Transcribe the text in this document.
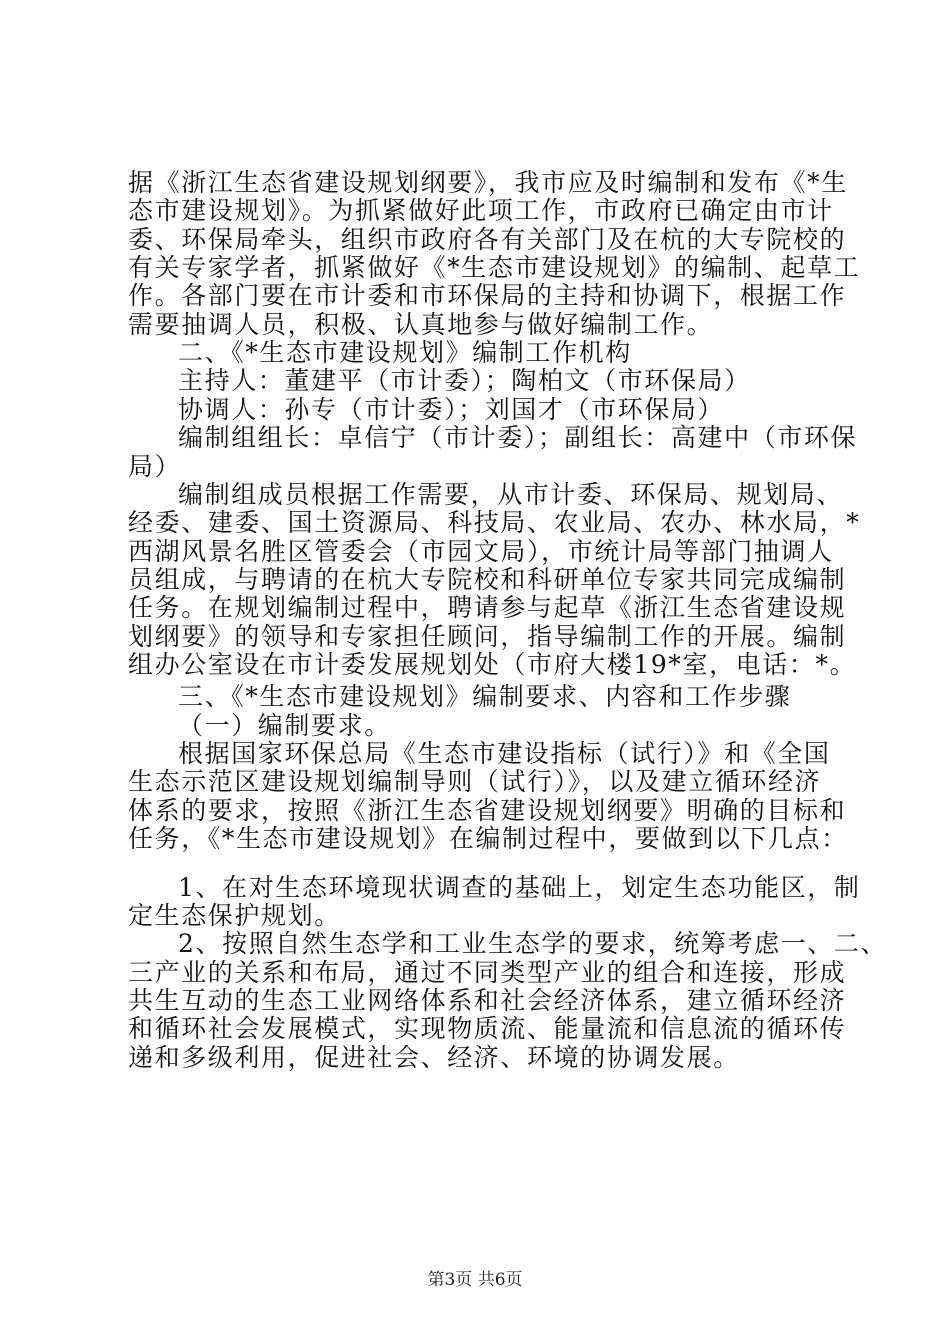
据《浙江生态省建设规划纲要》，我市应及时编制和发布《*生
态市建设规划》。为抓紧做好此项工作，市政府已确定由市计
委、环保局牵头，组织市政府各有关部门及在杭的大专院校的
有关专家学者，抓紧做好《*生态市建设规划》的编制、起草工
作。各部门要在市计委和市环保局的主持和协调下，根据工作
需要抽调人员，积极、认真地参与做好编制工作。
二、《*生态市建设规划》编制工作机构
主持人：董建平（市计委）；陶柏文（市环保局）
协调人：孙专（市计委）；刘国才（市环保局）
编制组组长：卓信宁（市计委）；副组长：高建中（市环保
局）
编制组成员根据工作需要，从市计委、环保局、规划局、
经委、建委、国土资源局、科技局、农业局、农办、林水局，*
西湖风景名胜区管委会（市园文局），市统计局等部门抽调人
员组成，与聘请的在杭大专院校和科研单位专家共同完成编制
任务。在规划编制过程中，聘请参与起草《浙江生态省建设规
划纲要》的领导和专家担任顾问，指导编制工作的开展。编制
组办公室设在市计委发展规划处（市府大楼19*室，电话：*。
三、《*生态市建设规划》编制要求、内容和工作步骤
（一）编制要求。
根据国家环保总局《生态市建设指标（试行）》和《全国
生态示范区建设规划编制导则（试行）》，以及建立循环经济
体系的要求，按照《浙江生态省建设规划纲要》明确的目标和
任务，《*生态市建设规划》在编制过程中，要做到以下几点：
1、在对生态环境现状调查的基础上，划定生态功能区，制
定生态保护规划。
2、按照自然生态学和工业生态学的要求，统筹考虑一、二、
三产业的关系和布局，通过不同类型产业的组合和连接，形成
共生互动的生态工业网络体系和社会经济体系，建立循环经济
和循环社会发展模式，实现物质流、能量流和信息流的循环传
递和多级利用，促进社会、经济、环境的协调发展。
第3页 共6页
